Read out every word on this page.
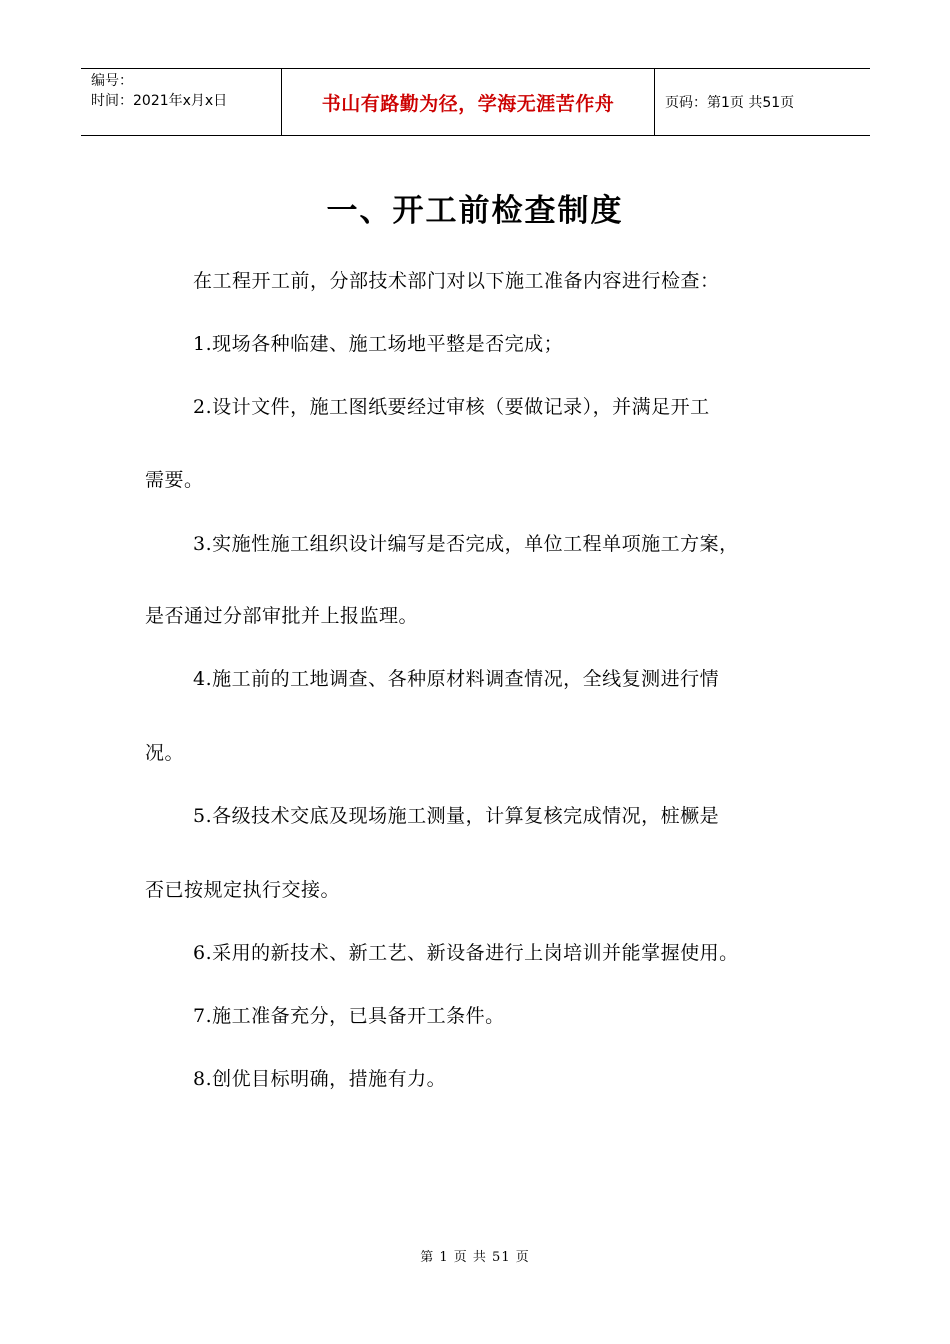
编号：
时间：2021年x月x日	书山有路勤为径，学海无涯苦作舟	页码：第1页 共51页
一、开工前检查制度
在工程开工前，分部技术部门对以下施工准备内容进行检查：
1.现场各种临建、施工场地平整是否完成；
2.设计文件，施工图纸要经过审核（要做记录），并满足开工
需要。
3.实施性施工组织设计编写是否完成，单位工程单项施工方案，
是否通过分部审批并上报监理。
4.施工前的工地调查、各种原材料调查情况，全线复测进行情
况。
5.各级技术交底及现场施工测量，计算复核完成情况，桩橛是
否已按规定执行交接。
6.采用的新技术、新工艺、新设备进行上岗培训并能掌握使用。
7.施工准备充分，已具备开工条件。
8.创优目标明确，措施有力。
第 1 页 共 51 页
